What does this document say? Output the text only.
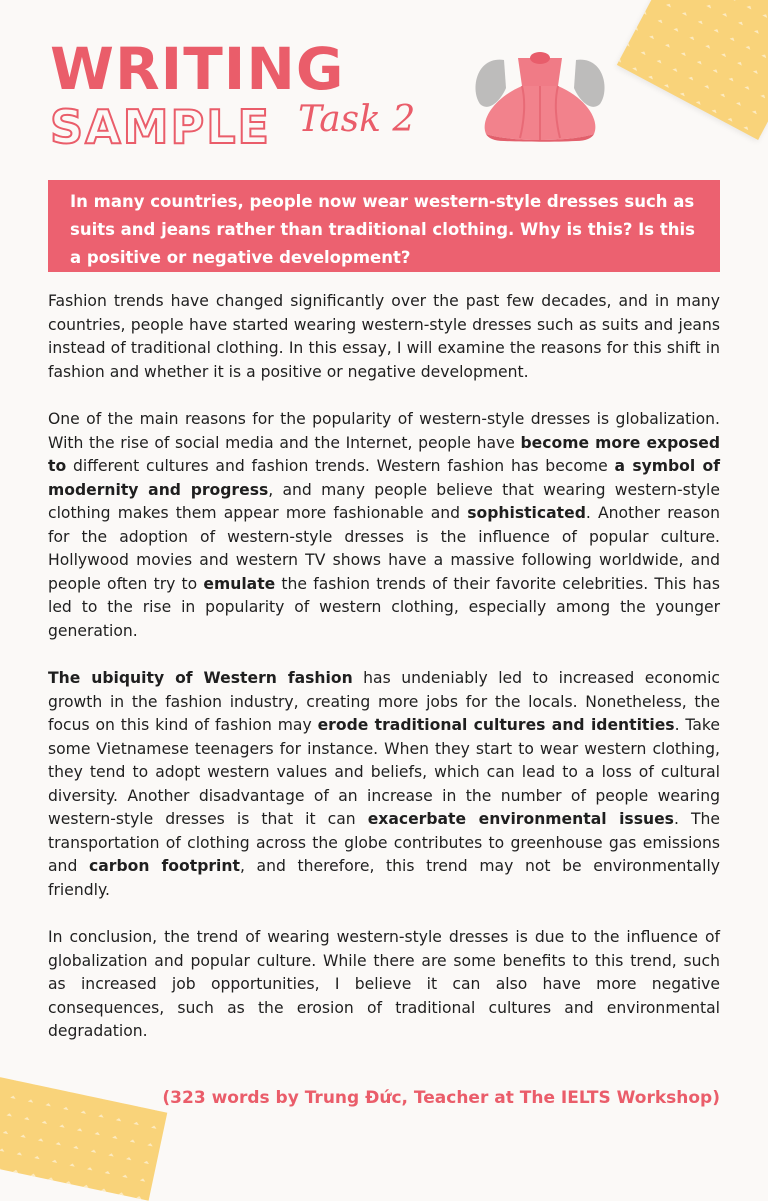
WRITING
SAMPLE Task 2
In many countries, people now wear western-style dresses such as suits and jeans rather than traditional clothing. Why is this? Is this a positive or negative development?

Fashion trends have changed significantly over the past few decades, and in many countries, people have started wearing western-style dresses such as suits and jeans instead of traditional clothing. In this essay, I will examine the reasons for this shift in fashion and whether it is a positive or negative development.

One of the main reasons for the popularity of western-style dresses is globalization. With the rise of social media and the Internet, people have become more exposed to different cultures and fashion trends. Western fashion has become a symbol of modernity and progress, and many people believe that wearing western-style clothing makes them appear more fashionable and sophisticated. Another reason for the adoption of western-style dresses is the influence of popular culture. Hollywood movies and western TV shows have a massive following worldwide, and people often try to emulate the fashion trends of their favorite celebrities. This has led to the rise in popularity of western clothing, especially among the younger generation.

The ubiquity of Western fashion has undeniably led to increased economic growth in the fashion industry, creating more jobs for the locals. Nonetheless, the focus on this kind of fashion may erode traditional cultures and identities. Take some Vietnamese teenagers for instance. When they start to wear western clothing, they tend to adopt western values and beliefs, which can lead to a loss of cultural diversity. Another disadvantage of an increase in the number of people wearing western-style dresses is that it can exacerbate environmental issues. The transportation of clothing across the globe contributes to greenhouse gas emissions and carbon footprint, and therefore, this trend may not be environmentally friendly.

In conclusion, the trend of wearing western-style dresses is due to the influence of globalization and popular culture. While there are some benefits to this trend, such as increased job opportunities, I believe it can also have more negative consequences, such as the erosion of traditional cultures and environmental degradation.

(323 words by Trung Đức, Teacher at The IELTS Workshop)
